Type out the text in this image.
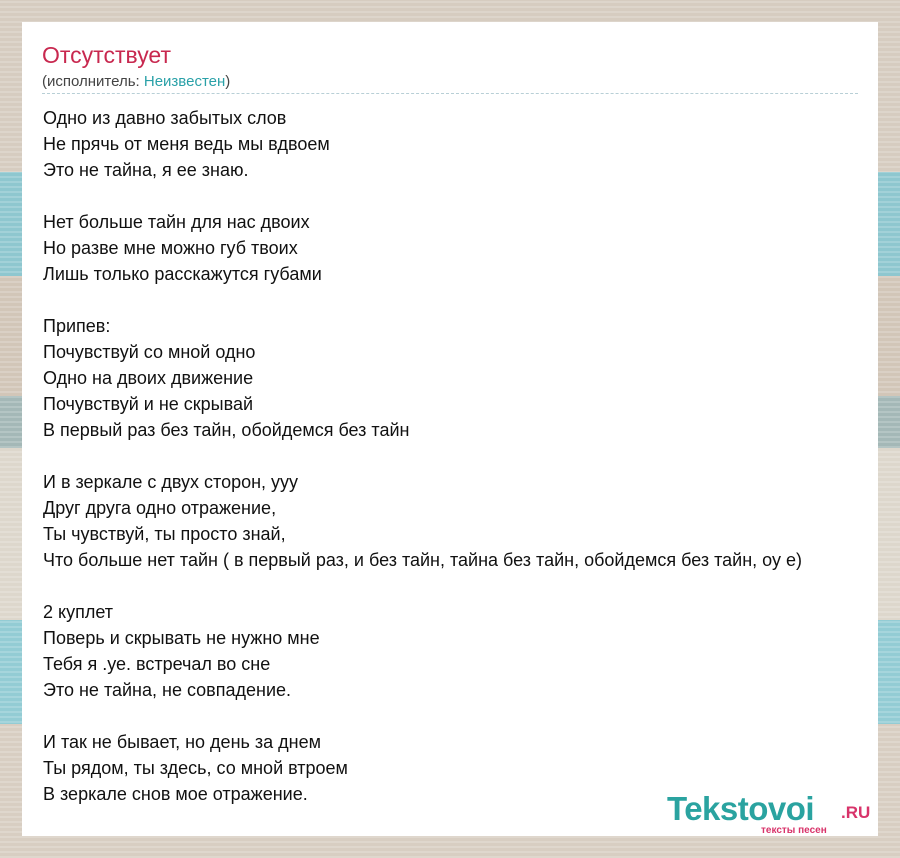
Отсутствует
(исполнитель: Неизвестен)
Одно из давно забытых слов
Не прячь от меня ведь мы вдвоем
Это не тайна, я ее знаю.
Нет больше тайн для нас двоих
Но разве мне можно губ твоих
Лишь только расскажутся губами
Припев:
Почувствуй со мной одно
Одно на двоих движение
Почувствуй и не скрывай
В первый раз без тайн, обойдемся без тайн
И в зеркале с двух сторон, ууу
Друг друга одно отражение,
Ты чувствуй, ты просто знай,
Что больше нет тайн ( в первый раз, и без тайн, тайна без тайн, обойдемся без тайн, оу е)
2 куплет
Поверь и скрывать не нужно мне
Тебя я .уе. встречал во сне
Это не тайна, не совпадение.
И так не бывает, но день за днем
Ты рядом, ты здесь, со мной втроем
В зеркале снов мое отражение.	Tekstovoi .RU
тексты песен
